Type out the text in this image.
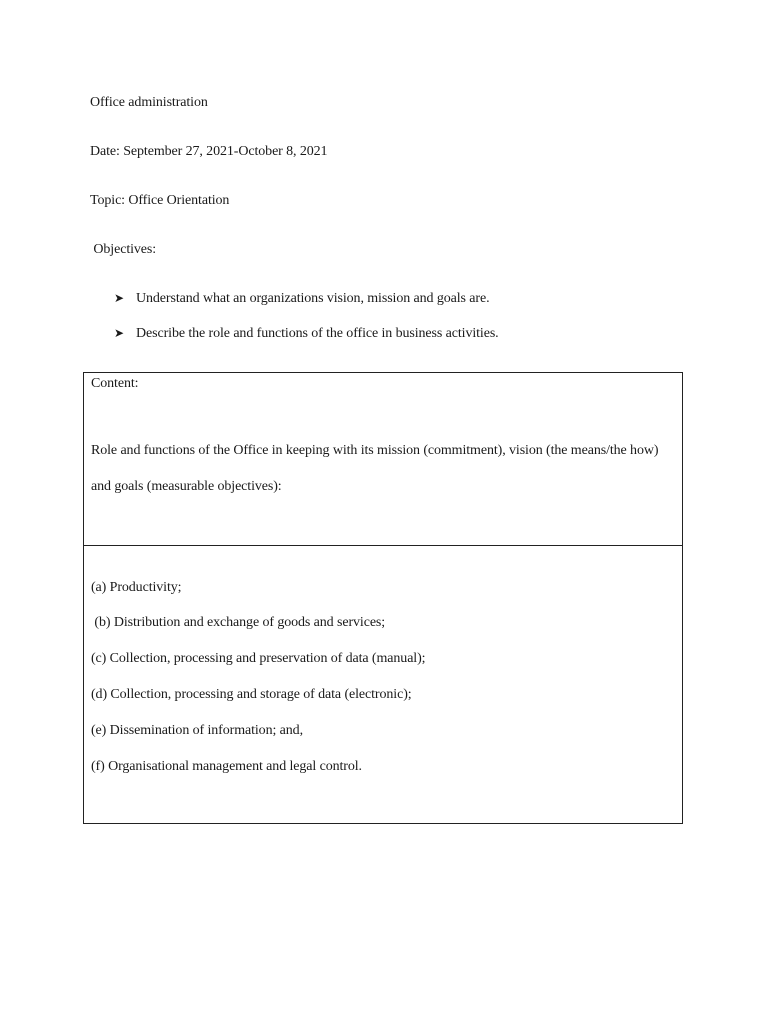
Office administration
Date: September 27, 2021-October 8, 2021
Topic: Office Orientation
Objectives:
➤ Understand what an organizations vision, mission and goals are.
➤ Describe the role and functions of the office in business activities.
Content:
Role and functions of the Office in keeping with its mission (commitment), vision (the means/the how) and goals (measurable objectives):
(a) Productivity;
(b) Distribution and exchange of goods and services;
(c) Collection, processing and preservation of data (manual);
(d) Collection, processing and storage of data (electronic);
(e) Dissemination of information; and,
(f) Organisational management and legal control.
